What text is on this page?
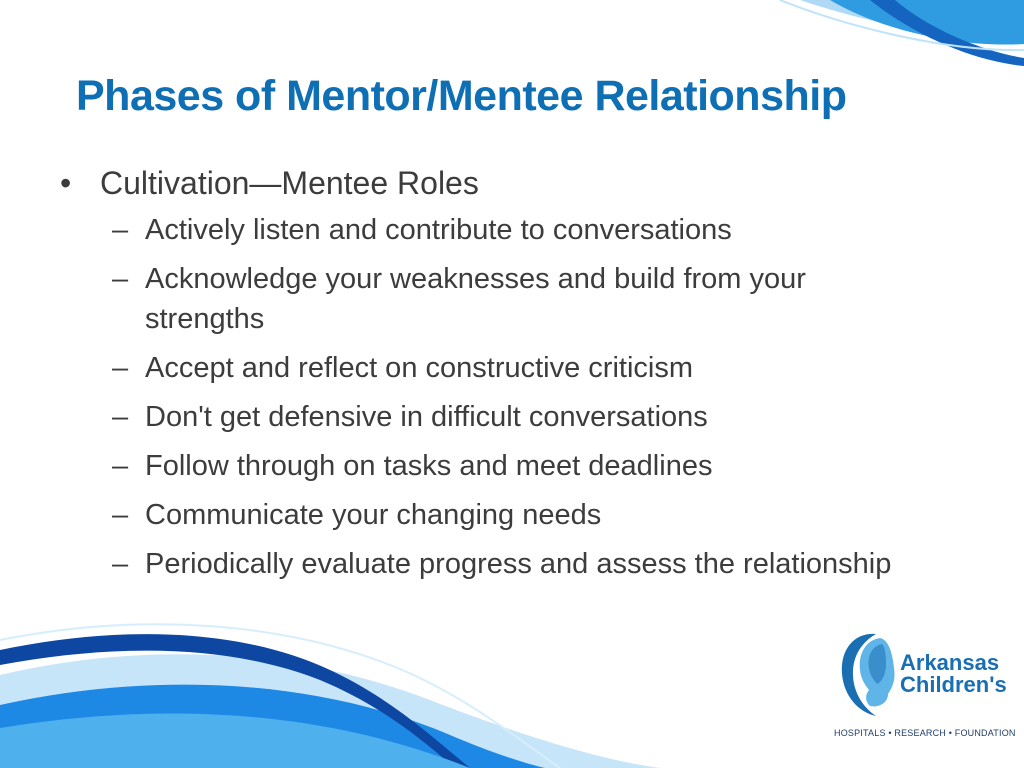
Phases of Mentor/Mentee Relationship
• Cultivation—Mentee Roles
– Actively listen and contribute to conversations
– Acknowledge your weaknesses and build from your strengths
– Accept and reflect on constructive criticism
– Don't get defensive in difficult conversations
– Follow through on tasks and meet deadlines
– Communicate your changing needs
– Periodically evaluate progress and assess the relationship
Arkansas
Children's
HOSPITALS • RESEARCH • FOUNDATION
